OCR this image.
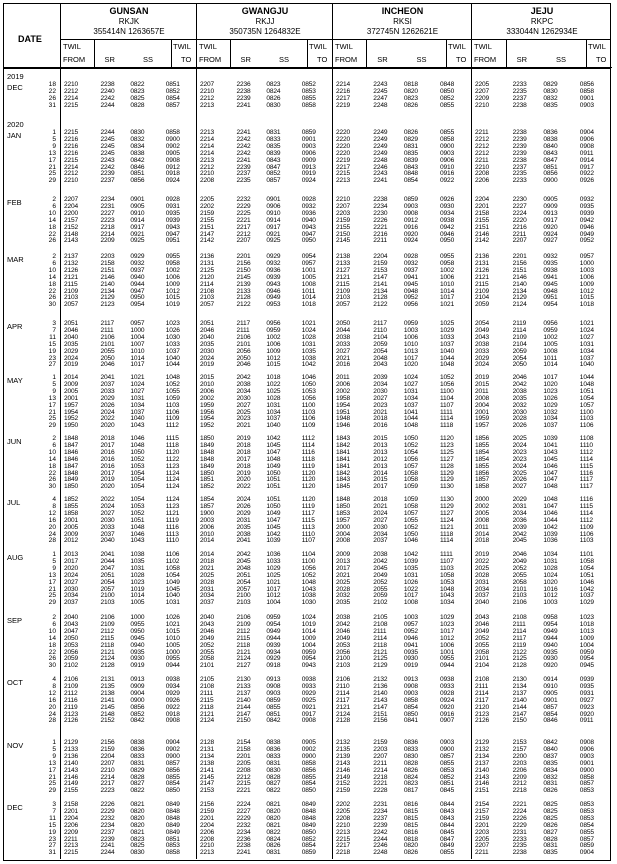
DATE
GUNSAN
RKJK
355414N 1263657E
TWIL
FROM	SR	SS
TWIL
TO
GWANGJU
RKJJ
350735N 1264832E
TWIL
FROM	SR	SS
TWIL
TO
INCHEON
RKSI
372745N 1262621E
TWIL
FROM	SR	SS
TWIL
TO
JEJU
RKPC
333044N 1262934E
TWIL
FROM	SR	SS
TWIL
TO
2019
2020
DEC	18 2210	2238 0822	0851	2207	2236 0823	0852	2214	2243	0818	0848	2205	2233	0829	0856
22 2212	2240 0823	0852	2210	2238 0824	0853	2216	2245	0820	0850	2207	2235	0830	0858
26 2214	2242 0825	0854	2212	2239 0826	0855	2217	2247	0823	0852	2209	2237	0832	0901
31 2215	2244 0828	0857	2213	2241 0830	0858	2219	2248	0826	0855	2210	2238	0835	0903
JAN	1 2215	2244 0830	0858	2213	2241 0831	0859	2220	2249	0826	0855	2211	2238	0836	0904
5 2216	2245 0832	0900	2214	2242 0833	0901	2220	2249	0829	0858	2212	2239	0838	0906
9 2216	2245 0834	0902	2214	2242 0835	0903	2220	2249	0831	0900	2212	2239	0840	0908
13 2216	2245 0838	0905	2214	2242 0839	0906	2220	2249	0835	0903	2212	2239	0843	0911
17 2215	2243 0842	0908	2213	2241 0843	0909	2219	2248	0839	0906	2211	2238	0847	0914
21 2214	2242 0846	0912	2212	2239 0847	0913	2217	2246	0843	0910	2210	2237	0851	0917
25 2212	2239 0851	0918	2210	2237 0852	0919	2215	2243	0848	0916	2208	2235	0856	0922
29 2210	2237 0856	0924	2208	2235 0857	0924	2213	2241	0854	0922	2206	2233	0900	0926
FEB	2 2207	2234 0901	0928	2205	2232 0901	0928	2210	2238	0859	0926	2204	2230	0905	0932
6 2204	2231 0905	0931	2202	2229 0906	0932	2207	2234	0903	0930	2201	2227	0909	0935
10 2200	2227 0910	0935	2159	2225 0910	0936	2203	2230	0908	0934	2158	2224	0913	0939
14 2157	2223 0914	0939	2155	2221 0914	0940	2159	2226	0912	0938	2155	2220	0917	0942
18 2152	2218 0917	0943	2151	2217 0917	0943	2155	2221	0916	0942	2151	2216	0920	0946
22 2148	2214 0921	0947	2147	2212 0921	0947	2150	2216	0920	0946	2146	2211	0924	0949
26 2143	2209 0925	0951	2142	2207 0925	0950	2145	2211	0924	0950	2142	2207	0927	0952
MAR	2 2137	2203 0929	0955	2136	2201 0929	0954	2138	2204	0928	0955	2136	2201	0932	0957
6 2132	2158 0932	0958	2131	2156 0932	0957	2133	2159	0932	0958	2131	2156	0935	1000
10 2126	2151 0937	1002	2125	2150 0936	1001	2127	2153	0937	1002	2126	2151	0938	1003
14 2121	2146 0940	1006	2120	2145 0939	1005	2121	2147	0941	1006	2121	2146	0941	1006
18 2115	2140 0944	1009	2114	2139 0943	1008	2115	2141	0945	1010	2115	2140	0945	1009
22 2109	2134 0947	1012	2108	2133 0946	1011	2109	2134	0948	1014	2109	2134	0948	1012
26 2103	2129 0950	1015	2103	2128 0949	1014	2103	2128	0952	1017	2104	2129	0951	1015
30 2057	2123 0954	1019	2057	2122 0953	1018	2057	2122	0956	1021	2059	2124	0954	1018
APR	3 2051	2117 0957	1023	2051	2117 0956	1021	2050	2117	0959	1025	2054	2119	0956	1021
7 2046	2111	1000	1026	2046	2111	0959	1024	2044	2110	1003	1029	2049	2114	0959	1024
11 2040	2106 1004	1030	2040	2106 1002	1028	2038	2104	1006	1033	2043	2109	1002	1027
15 2035	2101 1007	1033	2035	2101 1006	1031	2033	2059	1010	1037	2038	2104	1005	1031
19 2029	2055 1010	1037	2030	2056 1009	1035	2027	2054	1013	1040	2033	2059	1008	1034
23 2024	2050 1014	1040	2024	2050 1012	1038	2021	2048	1017	1044	2029	2054	1011	1037
27 2019	2046 1017	1044	2019	2046 1015	1042	2016	2043	1020	1048	2024	2050	1014	1040
MAY	1 2014	2041 1021	1048	2015	2042 1018	1046	2011	2039	1024	1052	2019	2046	1017	1044
5 2009	2037 1024	1052	2010	2038 1022	1050	2006	2034	1027	1056	2015	2042	1020	1048
9 2005	2033 1027	1055	2006	2034 1025	1053	2002	2030	1031	1100	2011	2038	1023	1051
13 2001	2029 1031	1059	2002	2030 1028	1056	1958	2027	1034	1104	2008	2035	1026	1054
17 1957	2026 1034	1103	1959	2027 1031	1100	1954	2023	1037	1107	2004	2032	1029	1057
21 1954	2024 1037	1106	1956	2025 1034	1103	1951	2021	1041	1111	2001	2030	1032	1100
25 1952	2022 1040	1109	1954	2023 1037	1106	1948	2018	1044	1114	1959	2028	1034	1103
29 1950	2020 1043	1112	1952	2021 1040	1109	1946	2016	1048	1118	1957	2026	1037	1106
JUN	2 1848	2018 1046	1115	1850	2019 1042	1112	1843	2015	1050	1120	1856	2025	1039	1108
6 1847	2017 1048	1118	1849	2018 1045	1114	1842	2013	1052	1123	1855	2024	1041	1110
10 1846	2016 1050	1120	1848	2018 1047	1116	1841	2013	1054	1125	1854	2023	1043	1112
14 1846	2016 1052	1122	1848	2017 1048	1118	1841	2012	1056	1127	1854	2023	1045	1114
18 1847	2016 1053	1123	1849	2018 1049	1119	1841	2013	1057	1128	1855	2024	1046	1115
22 1848	2017 1054	1124	1850	2019 1050	1120	1842	2014	1058	1129	1856	2025	1047	1116
26 1849	2019 1054	1124	1851	2020 1051	1120	1843	2015	1058	1129	1857	2026	1047	1117
30 1850	2020 1054	1124	1852	2022 1051	1120	1845	2017	1059	1130	1858	2027	1048	1117
JUL	4 1852	2022 1054	1124	1854	2024 1051	1120	1848	2018	1059	1130	2000	2029	1048	1116
8 1855	2024 1053	1123	1857	2026 1050	1119	1850	2021	1058	1129	2002	2031	1047	1115
12 1858	2027 1052	1121	1900	2029 1049	1117	1853	2024	1057	1127	2005	2034	1046	1114
16 2001	2030 1051	1119	2003	2031 1047	1115	1957	2027	1055	1124	2008	2036	1044	1112
20 2005	2033 1048	1116	2006	2035 1045	1113	2000	2030	1052	1121	2011	2039	1042	1109
24 2009	2037 1046	1113	2010	2038 1042	1110	2004	2034	1050	1118	2014	2042	1039	1106
28 2012	2040 1043	1110	2014	2041 1039	1107	2008	2037	1046	1114	2018	2045	1036	1103
AUG	1 2013	2041 1038	1106	2014	2042 1036	1104	2009	2038	1042	1111	2019	2046	1034	1101
5 2017	2044 1035	1102	2018	2045 1033	1100	2013	2042	1039	1107	2022	2049	1031	1058
9 2020	2047 1031	1058	2021	2048 1029	1056	2017	2045	1035	1103	2025	2052	1028	1054
13 2024	2051 1028	1054	2025	2051 1025	1052	2021	2049	1031	1058	2028	2055	1024	1051
17 2027	2054 1023	1049	2028	2054 1021	1048	2025	2052	1026	1053	2031	2058	1020	1046
21 2030	2057 1019	1045	2031	2057 1017	1043	2028	2055	1022	1048	2034	2101	1016	1042
25 2034	2100 1014	1040	2034	2100 1012	1038	2032	2059	1017	1043	2037	2103	1012	1037
29 2037	2103 1005	1031	2037	2103 1004	1030	2035	2102	1008	1034	2040	2106	1003	1029
SEP	2 2040	2106 1000	1026	2040	2106 0959	1024	2038	2105	1003	1029	2043	2108	0958	1023
6 2043	2109 0955	1021	2043	2109 0954	1019	2042	2108	0957	1023	2046	2111	0954	1018
10 2047	2112 0950	1015	2046	2112 0949	1014	2046	2111	0952	1017	2049	2114	0949	1013
14 2050	2115 0945	1010	2049	2115 0944	1009	2049	2114	0946	1012	2052	2117	0944	1009
18 2053	2118 0940	1005	2052	2118 0939	1004	2053	2118	0941	1006	2055	2119	0940	1004
22 2056	2121 0935	1000	2055	2121 0934	0959	2056	2121	0935	1001	2058	2122	0935	0959
26 2059	2124 0930	0955	2058	2124 0929	0954	2100	2125	0930	0955	2101	2125	0930	0954
30 2102	2128 0919	0944	2101	2127 0918	0943	2103	2129	0919	0944	2104	2128	0920	0945
OCT	4 2106	2131 0913	0938	2105	2130 0913	0938	2106	2132	0913	0938	2108	2130	0914	0939
8 2109	2135 0909	0934	2108	2133 0908	0933	2110	2136	0908	0933	2111	2134	0910	0935
12 2112	2138 0904	0929	2111	2137 0903	0929	2114	2140	0903	0928	2114	2137	0905	0931
16 2116	2141 0900	0926	2115	2140 0859	0925	2117	2143	0858	0924	2117	2140	0901	0927
20 2119	2145 0856	0922	2118	2144 0855	0921	2121	2147	0854	0920	2120	2144	0857	0923
24 2123	2148 0852	0918	2121	2147 0851	0917	2124	2151	0850	0916	2123	2147	0854	0920
28 2126	2152 0842	0908	2124	2150 0842	0908	2128	2156	0841	0907	2126	2150	0846	0911
NOV	1 2129	2156 0838	0904	2128	2154 0838	0905	2132	2159	0836	0903	2129	2153	0842	0908
5 2133	2159 0836	0902	2131	2158 0836	0902	2135	2203	0833	0900	2132	2157	0840	0906
9 2136	2204 0833	0900	2134	2201 0833	0900	2139	2207	0830	0857	2134	2200	0837	0903
13 2140	2207 0831	0857	2138	2205 0831	0858	2143	2211	0828	0855	2137	2203	0835	0901
17 2143	2210 0829	0856	2141	2208 0830	0856	2146	2214	0826	0853	2140	2206	0834	0900
21 2146	2214 0828	0855	2145	2212 0828	0855	2149	2218	0824	0852	2143	2209	0832	0858
25 2149	2217 0827	0854	2147	2215 0827	0854	2152	2221	0823	0851	2146	2212	0831	0857
29 2155	2223 0822	0850	2153	2221 0822	0850	2159	2228	0817	0845	2151	2218	0826	0853
DEC	3 2158	2226 0821	0849	2156	2224 0821	0849	2202	2231	0816	0844	2154	2221	0825	0853
7 2201	2229 0820	0848	2159	2227 0820	0848	2205	2234	0815	0843	2157	2224	0825	0853
11 2204	2232 0820	0848	2201	2229 0820	0848	2208	2237	0815	0843	2159	2226	0825	0853
15 2206	2234 0820	0849	2204	2232 0821	0849	2210	2239	0815	0844	2201	2229	0826	0854
19 2209	2237 0821	0849	2206	2234 0822	0850	2213	2242	0816	0845	2203	2231	0827	0855
23 2211	2239 0823	0851	2208	2236 0824	0852	2215	2244	0818	0847	2205	2233	0828	0857
27 2213	2241 0825	0853	2210	2238 0826	0854	2217	2246	0820	0849	2207	2235	0831	0859
31 2215	2244 0830	0858	2213	2241 0831	0859	2218	2248	0826	0855	2211	2238	0835	0904
